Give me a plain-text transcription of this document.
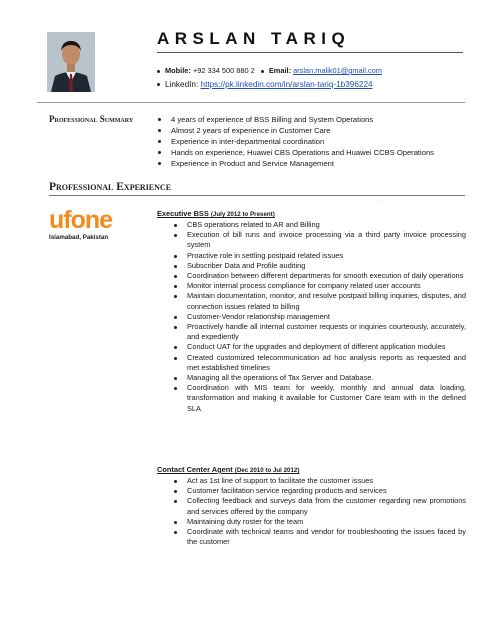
ARSLAN TARIQ
Mobile: +92 334 500 880 2 Email: arslan.malik01@gmail.com
LinkedIn: https://pk.linkedin.com/in/arslan-tariq-1b396224
Professional Summary	4 years of experience of BSS Billing and System Operations
Almost 2 years of experience in Customer Care
Experience in inter-departmental coordination
Hands on experience, Huawei CBS Operations and Huawei CCBS Operations
Experience in Product and Service Management
Professional Experience
·
ufone
Islamabad, Pakistan
Executive BSS (July 2012 to Present)
CBS operations related to AR and Billing
Execution of bill runs and invoice processing via a third party invoice processing system
Proactive role in settling postpaid related issues
Subscriber Data and Profile auditing
Coordination between different departments for smooth execution of daily operations
Monitor internal process compliance for company related user accounts
Maintain documentation, monitor, and resolve postpaid billing inquiries, disputes, and connection issues related to billing
Customer-Vendor relationship management
Proactively handle all internal customer requests or inquiries courteously, accurately, and expediently
Conduct UAT for the upgrades and deployment of different application modules
Created customized telecommunication ad hoc analysis reports as requested and met established timelines
Managing all the operations of Tax Server and Database.
Coordination with MIS team for weekly, monthly and annual data loading, transformation and making it available for Customer Care team with in the defined SLA
Contact Center Agent (Dec 2010 to Jul 2012)
Act as 1st line of support to facilitate the customer issues
Customer facilitation service regarding products and services
Collecting feedback and surveys data from the customer regarding new promotions and services offered by the company
Maintaining duty roster for the team
Coordinate with technical teams and vendor for troubleshooting the issues faced by the customer
